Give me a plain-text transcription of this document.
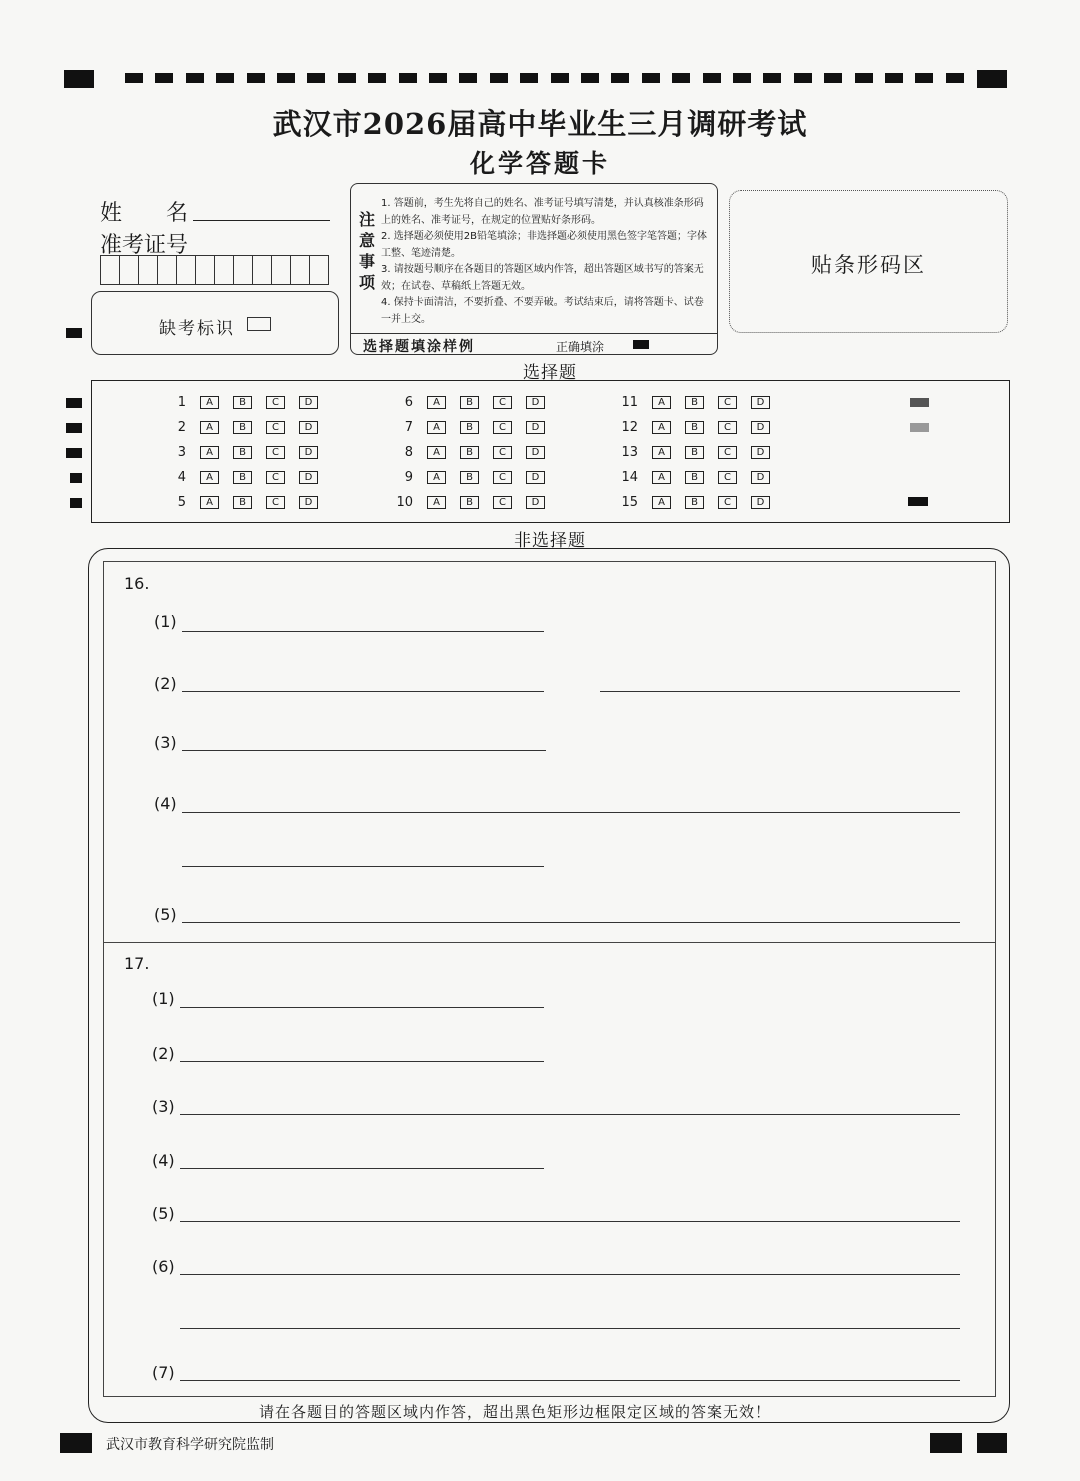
武汉市2026届高中毕业生三月调研考试
化学答题卡
姓　　名
准考证号
缺考标识
注意事项
1. 答题前，考生先将自己的姓名、准考证号填写清楚，并认真核准条形码上的姓名、准考证号，在规定的位置贴好条形码。
2. 选择题必须使用2B铅笔填涂；非选择题必须使用黑色签字笔答题；字体工整、笔迹清楚。
3. 请按题号顺序在各题目的答题区域内作答，超出答题区域书写的答案无效；在试卷、草稿纸上答题无效。
4. 保持卡面清洁，不要折叠、不要弄破。考试结束后，请将答题卡、试卷一并上交。
选择题填涂样例	正确填涂
贴条形码区
选择题
1	A	B	C	D
2	A	B	C	D
3	A	B	C	D
4	A	B	C	D
5	A	B	C	D
6	A	B	C	D
7	A	B	C	D
8	A	B	C	D
9	A	B	C	D
10	A	B	C	D
11	A	B	C	D
12	A	B	C	D
13	A	B	C	D
14	A	B	C	D
15	A	B	C	D
非选择题
16.
(1)
(2)
(3)
(4)
(5)
17.
(1)
(2)
(3)
(4)
(5)
(6)
(7)
请在各题目的答题区域内作答，超出黑色矩形边框限定区域的答案无效！
武汉市教育科学研究院监制
